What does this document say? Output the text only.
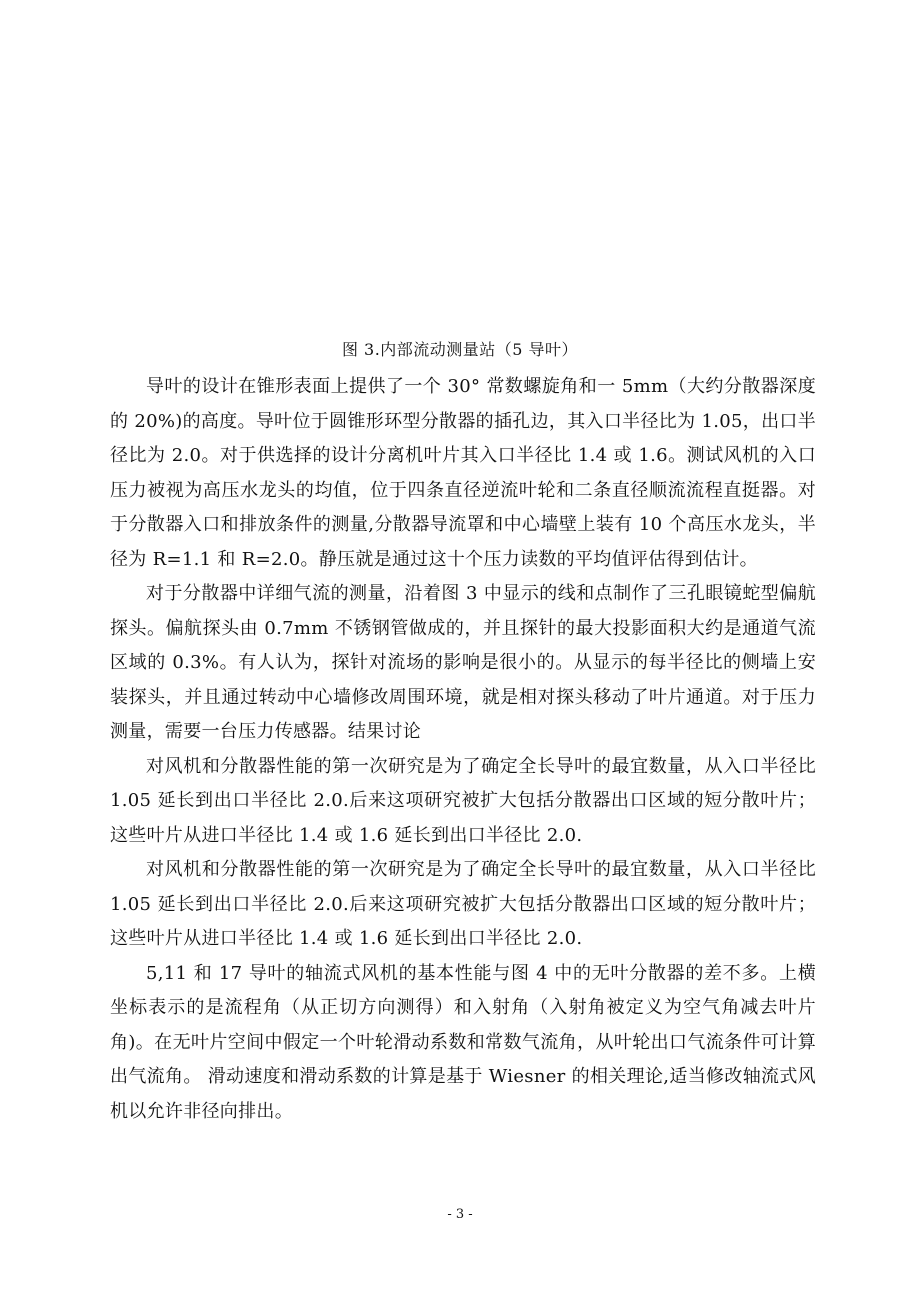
图 3.内部流动测量站（5 导叶）

导叶的设计在锥形表面上提供了一个 30° 常数螺旋角和一 5mm（大约分散器深度的 20%)的高度。导叶位于圆锥形环型分散器的插孔边，其入口半径比为 1.05，出口半径比为 2.0。对于供选择的设计分离机叶片其入口半径比 1.4 或 1.6。测试风机的入口压力被视为高压水龙头的均值，位于四条直径逆流叶轮和二条直径顺流流程直挺器。对于分散器入口和排放条件的测量,分散器导流罩和中心墙壁上装有 10 个高压水龙头，半径为 R=1.1 和 R=2.0。静压就是通过这十个压力读数的平均值评估得到估计。

对于分散器中详细气流的测量，沿着图 3 中显示的线和点制作了三孔眼镜蛇型偏航探头。偏航探头由 0.7mm 不锈钢管做成的，并且探针的最大投影面积大约是通道气流区域的 0.3%。有人认为，探针对流场的影响是很小的。从显示的每半径比的侧墙上安装探头，并且通过转动中心墙修改周围环境，就是相对探头移动了叶片通道。对于压力测量，需要一台压力传感器。结果讨论

对风机和分散器性能的第一次研究是为了确定全长导叶的最宜数量，从入口半径比 1.05 延长到出口半径比 2.0.后来这项研究被扩大包括分散器出口区域的短分散叶片；这些叶片从进口半径比 1.4 或 1.6 延长到出口半径比 2.0.

对风机和分散器性能的第一次研究是为了确定全长导叶的最宜数量，从入口半径比 1.05 延长到出口半径比 2.0.后来这项研究被扩大包括分散器出口区域的短分散叶片；这些叶片从进口半径比 1.4 或 1.6 延长到出口半径比 2.0.

5,11 和 17 导叶的轴流式风机的基本性能与图 4 中的无叶分散器的差不多。上横坐标表示的是流程角（从正切方向测得）和入射角（入射角被定义为空气角减去叶片角)。在无叶片空间中假定一个叶轮滑动系数和常数气流角，从叶轮出口气流条件可计算出气流角。 滑动速度和滑动系数的计算是基于 Wiesner 的相关理论,适当修改轴流式风机以允许非径向排出。

- 3 -
